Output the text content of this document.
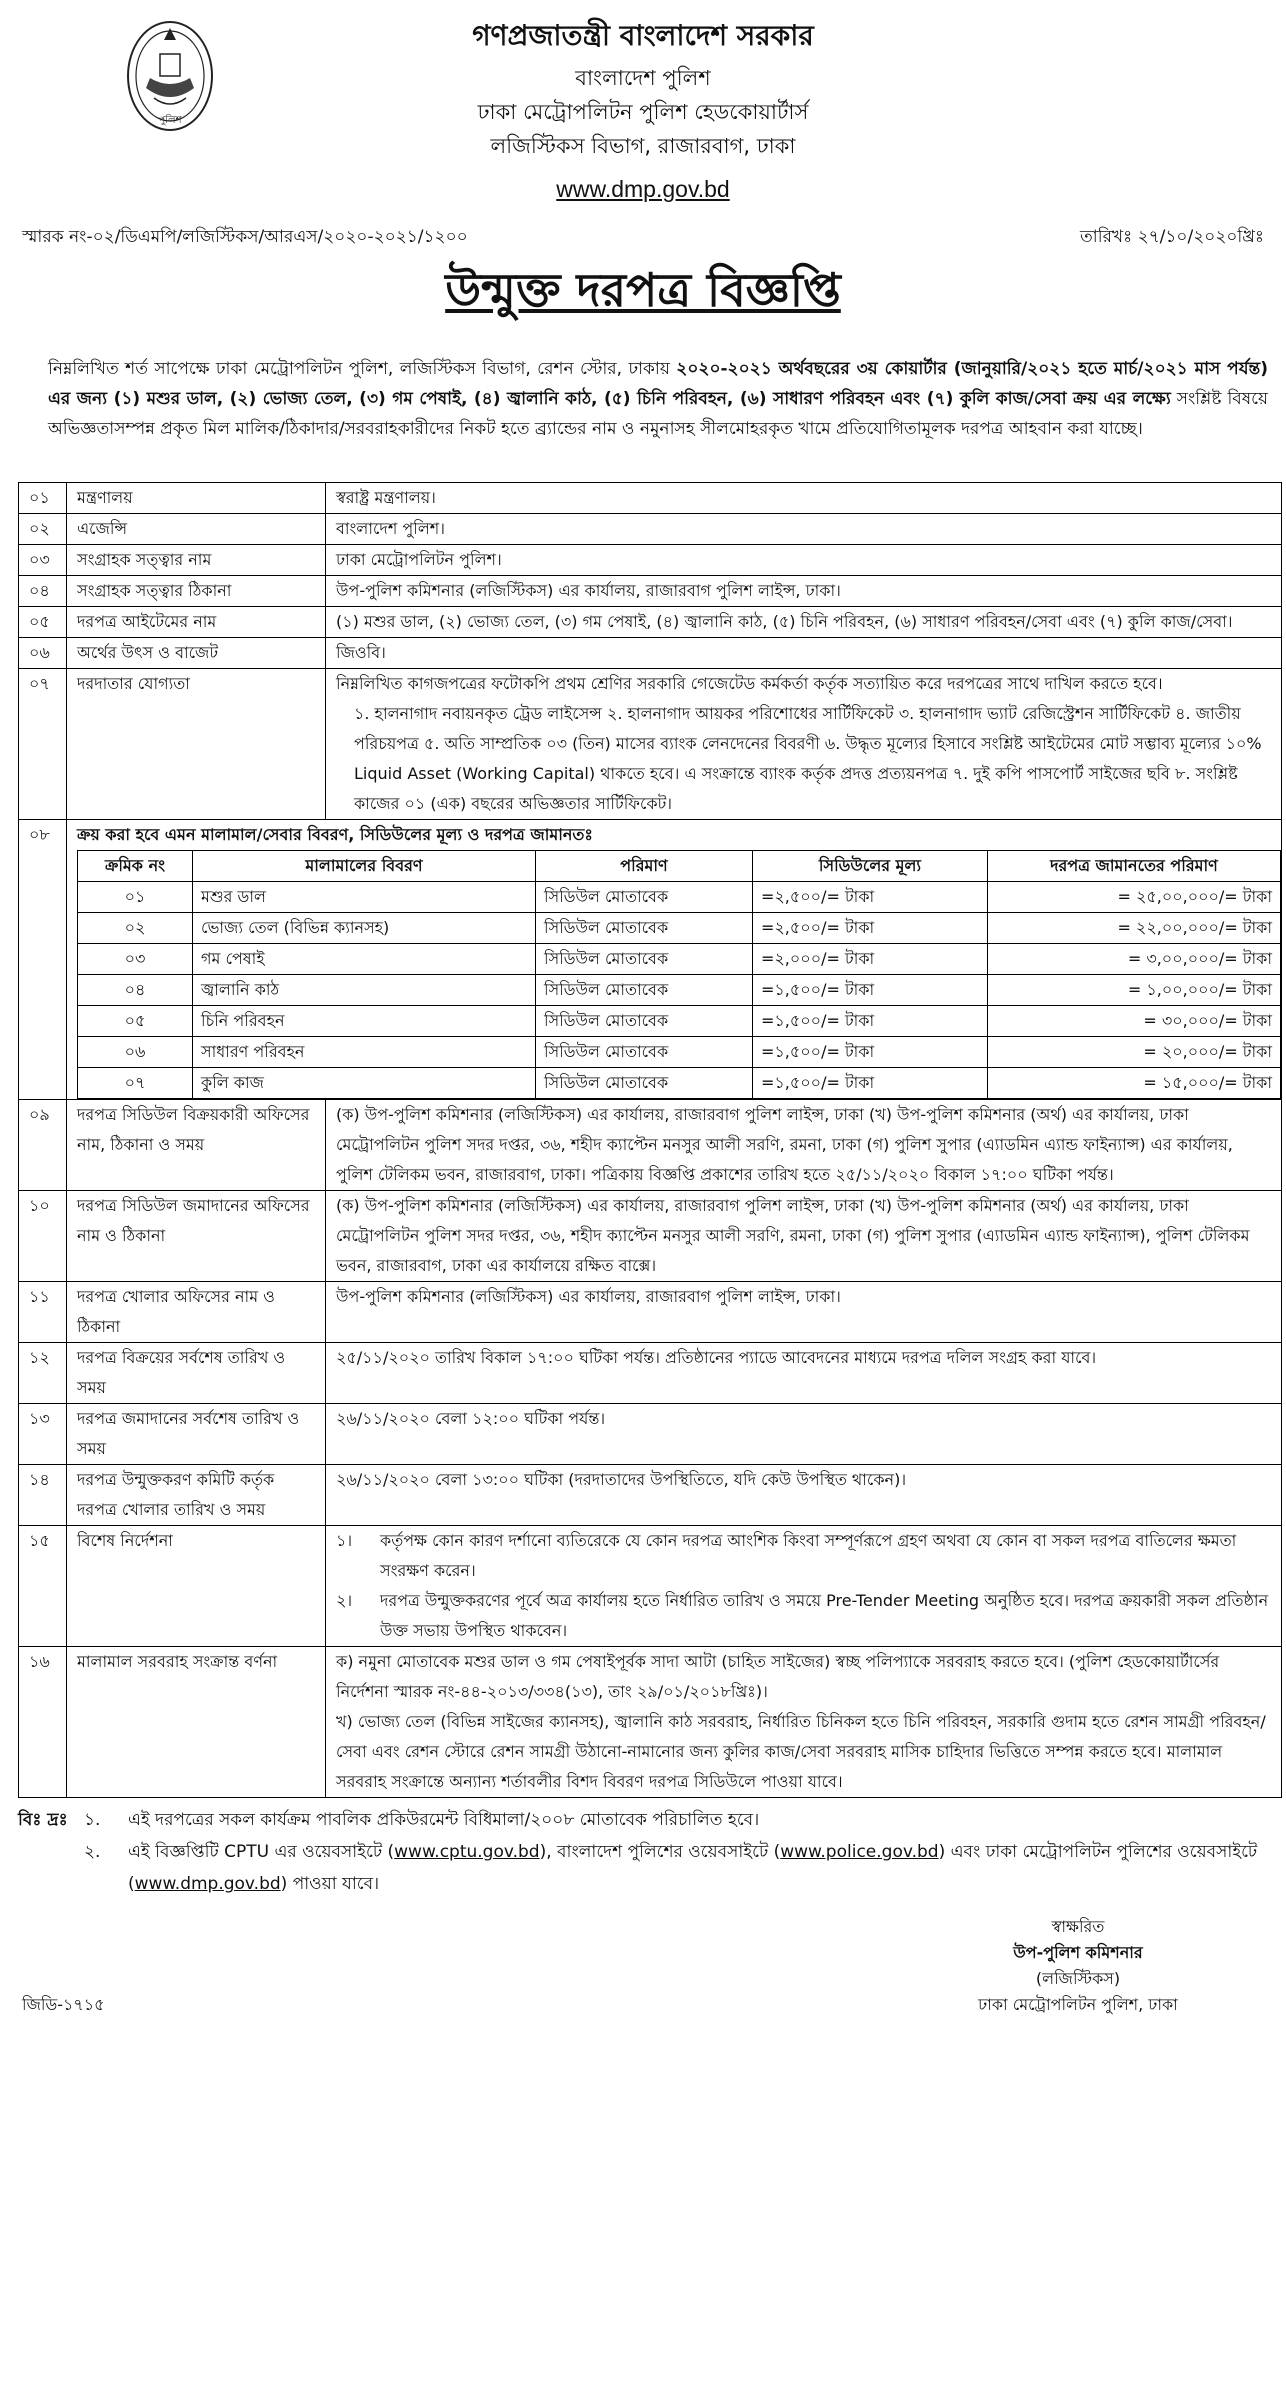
পুলিশ
গণপ্রজাতন্ত্রী বাংলাদেশ সরকার
বাংলাদেশ পুলিশ
ঢাকা মেট্রোপলিটন পুলিশ হেডকোয়ার্টার্স
লজিস্টিকস বিভাগ, রাজারবাগ, ঢাকা
www.dmp.gov.bd
স্মারক নং-০২/ডিএমপি/লজিস্টিকস/আরএস/২০২০-২০২১/১২০০	তারিখঃ ২৭/১০/২০২০খ্রিঃ
উন্মুক্ত দরপত্র বিজ্ঞপ্তি
নিম্নলিখিত শর্ত সাপেক্ষে ঢাকা মেট্রোপলিটন পুলিশ, লজিস্টিকস বিভাগ, রেশন স্টোর, ঢাকায় ২০২০-২০২১ অর্থবছরের ৩য় কোয়ার্টার (জানুয়ারি/২০২১ হতে মার্চ/২০২১ মাস পর্যন্ত) এর জন্য (১) মশুর ডাল, (২) ভোজ্য তেল, (৩) গম পেষাই, (৪) জ্বালানি কাঠ, (৫) চিনি পরিবহন, (৬) সাধারণ পরিবহন এবং (৭) কুলি কাজ/সেবা ক্রয় এর লক্ষ্যে সংশ্লিষ্ট বিষয়ে অভিজ্ঞতাসম্পন্ন প্রকৃত মিল মালিক/ঠিকাদার/সরবরাহকারীদের নিকট হতে ব্র্যান্ডের নাম ও নমুনাসহ সীলমোহরকৃত খামে প্রতিযোগিতামূলক দরপত্র আহবান করা যাচ্ছে।
০১	মন্ত্রণালয়	স্বরাষ্ট্র মন্ত্রণালয়।
০২	এজেন্সি	বাংলাদেশ পুলিশ।
০৩	সংগ্রাহক সত্ত্বার নাম	ঢাকা মেট্রোপলিটন পুলিশ।
০৪	সংগ্রাহক সত্ত্বার ঠিকানা	উপ-পুলিশ কমিশনার (লজিস্টিকস) এর কার্যালয়, রাজারবাগ পুলিশ লাইন্স, ঢাকা।
০৫	দরপত্র আইটেমের নাম	(১) মশুর ডাল, (২) ভোজ্য তেল, (৩) গম পেষাই, (৪) জ্বালানি কাঠ, (৫) চিনি পরিবহন, (৬) সাধারণ পরিবহন/সেবা এবং (৭) কুলি কাজ/সেবা।
০৬	অর্থের উৎস ও বাজেট	জিওবি।
০৭	দরদাতার যোগ্যতা	নিম্নলিখিত কাগজপত্রের ফটোকপি প্রথম শ্রেণির সরকারি গেজেটেড কর্মকর্তা কর্তৃক সত্যায়িত করে দরপত্রের সাথে দাখিল করতে হবে।
১. হালনাগাদ নবায়নকৃত ট্রেড লাইসেন্স ২. হালনাগাদ আয়কর পরিশোধের সার্টিফিকেট ৩. হালনাগাদ ভ্যাট রেজিস্ট্রেশন সার্টিফিকেট ৪. জাতীয় পরিচয়পত্র ৫. অতি সাম্প্রতিক ০৩ (তিন) মাসের ব্যাংক লেনদেনের বিবরণী ৬. উদ্ধৃত মূল্যের হিসাবে সংশ্লিষ্ট আইটেমের মোট সম্ভাব্য মূল্যের ১০% Liquid Asset (Working Capital) থাকতে হবে। এ সংক্রান্তে ব্যাংক কর্তৃক প্রদত্ত প্রত্যয়নপত্র ৭. দুই কপি পাসপোর্ট সাইজের ছবি ৮. সংশ্লিষ্ট কাজের ০১ (এক) বছরের অভিজ্ঞতার সার্টিফিকেট।

০৮	ক্রয় করা হবে এমন মালামাল/সেবার বিবরণ, সিডিউলের মূল্য ও দরপত্র জামানতঃ
ক্রমিক নং	মালামালের বিবরণ	পরিমাণ	সিডিউলের মূল্য	দরপত্র জামানতের পরিমাণ
০১	মশুর ডাল	সিডিউল মোতাবেক	=২,৫০০/= টাকা	= ২৫,০০,০০০/= টাকা
০২	ভোজ্য তেল (বিভিন্ন ক্যানসহ)	সিডিউল মোতাবেক	=২,৫০০/= টাকা	= ২২,০০,০০০/= টাকা
০৩	গম পেষাই	সিডিউল মোতাবেক	=২,০০০/= টাকা	= ৩,০০,০০০/= টাকা
০৪	জ্বালানি কাঠ	সিডিউল মোতাবেক	=১,৫০০/= টাকা	= ১,০০,০০০/= টাকা
০৫	চিনি পরিবহন	সিডিউল মোতাবেক	=১,৫০০/= টাকা	= ৩০,০০০/= টাকা
০৬	সাধারণ পরিবহন	সিডিউল মোতাবেক	=১,৫০০/= টাকা	= ২০,০০০/= টাকা
০৭	কুলি কাজ	সিডিউল মোতাবেক	=১,৫০০/= টাকা	= ১৫,০০০/= টাকা

০৯	দরপত্র সিডিউল বিক্রয়কারী অফিসের নাম, ঠিকানা ও সময়	(ক) উপ-পুলিশ কমিশনার (লজিস্টিকস) এর কার্যালয়, রাজারবাগ পুলিশ লাইন্স, ঢাকা (খ) উপ-পুলিশ কমিশনার (অর্থ) এর কার্যালয়, ঢাকা মেট্রোপলিটন পুলিশ সদর দপ্তর, ৩৬, শহীদ ক্যাপ্টেন মনসুর আলী সরণি, রমনা, ঢাকা (গ) পুলিশ সুপার (এ্যাডমিন এ্যান্ড ফাইন্যান্স) এর কার্যালয়, পুলিশ টেলিকম ভবন, রাজারবাগ, ঢাকা। পত্রিকায় বিজ্ঞপ্তি প্রকাশের তারিখ হতে ২৫/১১/২০২০ বিকাল ১৭:০০ ঘটিকা পর্যন্ত।
১০	দরপত্র সিডিউল জমাদানের অফিসের নাম ও ঠিকানা	(ক) উপ-পুলিশ কমিশনার (লজিস্টিকস) এর কার্যালয়, রাজারবাগ পুলিশ লাইন্স, ঢাকা (খ) উপ-পুলিশ কমিশনার (অর্থ) এর কার্যালয়, ঢাকা মেট্রোপলিটন পুলিশ সদর দপ্তর, ৩৬, শহীদ ক্যাপ্টেন মনসুর আলী সরণি, রমনা, ঢাকা (গ) পুলিশ সুপার (এ্যাডমিন এ্যান্ড ফাইন্যান্স), পুলিশ টেলিকম ভবন, রাজারবাগ, ঢাকা এর কার্যালয়ে রক্ষিত বাক্সে।
১১	দরপত্র খোলার অফিসের নাম ও ঠিকানা	উপ-পুলিশ কমিশনার (লজিস্টিকস) এর কার্যালয়, রাজারবাগ পুলিশ লাইন্স, ঢাকা।
১২	দরপত্র বিক্রয়ের সর্বশেষ তারিখ ও সময়	২৫/১১/২০২০ তারিখ বিকাল ১৭:০০ ঘটিকা পর্যন্ত। প্রতিষ্ঠানের প্যাডে আবেদনের মাধ্যমে দরপত্র দলিল সংগ্রহ করা যাবে।
১৩	দরপত্র জমাদানের সর্বশেষ তারিখ ও সময়	২৬/১১/২০২০ বেলা ১২:০০ ঘটিকা পর্যন্ত।
১৪	দরপত্র উন্মুক্তকরণ কমিটি কর্তৃক দরপত্র খোলার তারিখ ও সময়	২৬/১১/২০২০ বেলা ১৩:০০ ঘটিকা (দরদাতাদের উপস্থিতিতে, যদি কেউ উপস্থিত থাকেন)।
১৫	বিশেষ নির্দেশনা	১।	কর্তৃপক্ষ কোন কারণ দর্শানো ব্যতিরেকে যে কোন দরপত্র আংশিক কিংবা সম্পূর্ণরূপে গ্রহণ অথবা যে কোন বা সকল দরপত্র বাতিলের ক্ষমতা সংরক্ষণ করেন।
২।	দরপত্র উন্মুক্তকরণের পূর্বে অত্র কার্যালয় হতে নির্ধারিত তারিখ ও সময়ে Pre-Tender Meeting অনুষ্ঠিত হবে। দরপত্র ক্রয়কারী সকল প্রতিষ্ঠান উক্ত সভায় উপস্থিত থাকবেন।

১৬	মালামাল সরবরাহ সংক্রান্ত বর্ণনা	ক) নমুনা মোতাবেক মশুর ডাল ও গম পেষাইপূর্বক সাদা আটা (চাহিত সাইজের) স্বচ্ছ পলিপ্যাকে সরবরাহ করতে হবে। (পুলিশ হেডকোয়ার্টার্সের নির্দেশনা স্মারক নং-৪৪-২০১৩/৩৩৪(১৩), তাং ২৯/০১/২০১৮খ্রিঃ)।
খ) ভোজ্য তেল (বিভিন্ন সাইজের ক্যানসহ), জ্বালানি কাঠ সরবরাহ, নির্ধারিত চিনিকল হতে চিনি পরিবহন, সরকারি গুদাম হতে রেশন সামগ্রী পরিবহন/সেবা এবং রেশন স্টোরে রেশন সামগ্রী উঠানো-নামানোর জন্য কুলির কাজ/সেবা সরবরাহ মাসিক চাহিদার ভিত্তিতে সম্পন্ন করতে হবে। মালামাল সরবরাহ সংক্রান্তে অন্যান্য শর্তাবলীর বিশদ বিবরণ দরপত্র সিডিউলে পাওয়া যাবে।
বিঃ দ্রঃ ১.	এই দরপত্রের সকল কার্যক্রম পাবলিক প্রকিউরমেন্ট বিধিমালা/২০০৮ মোতাবেক পরিচালিত হবে।
২.	এই বিজ্ঞপ্তিটি CPTU এর ওয়েবসাইটে (www.cptu.gov.bd), বাংলাদেশ পুলিশের ওয়েবসাইটে (www.police.gov.bd) এবং ঢাকা মেট্রোপলিটন পুলিশের ওয়েবসাইটে (www.dmp.gov.bd) পাওয়া যাবে।
স্বাক্ষরিত
উপ-পুলিশ কমিশনার
(লজিস্টিকস)
ঢাকা মেট্রোপলিটন পুলিশ, ঢাকা
জিডি-১৭১৫
